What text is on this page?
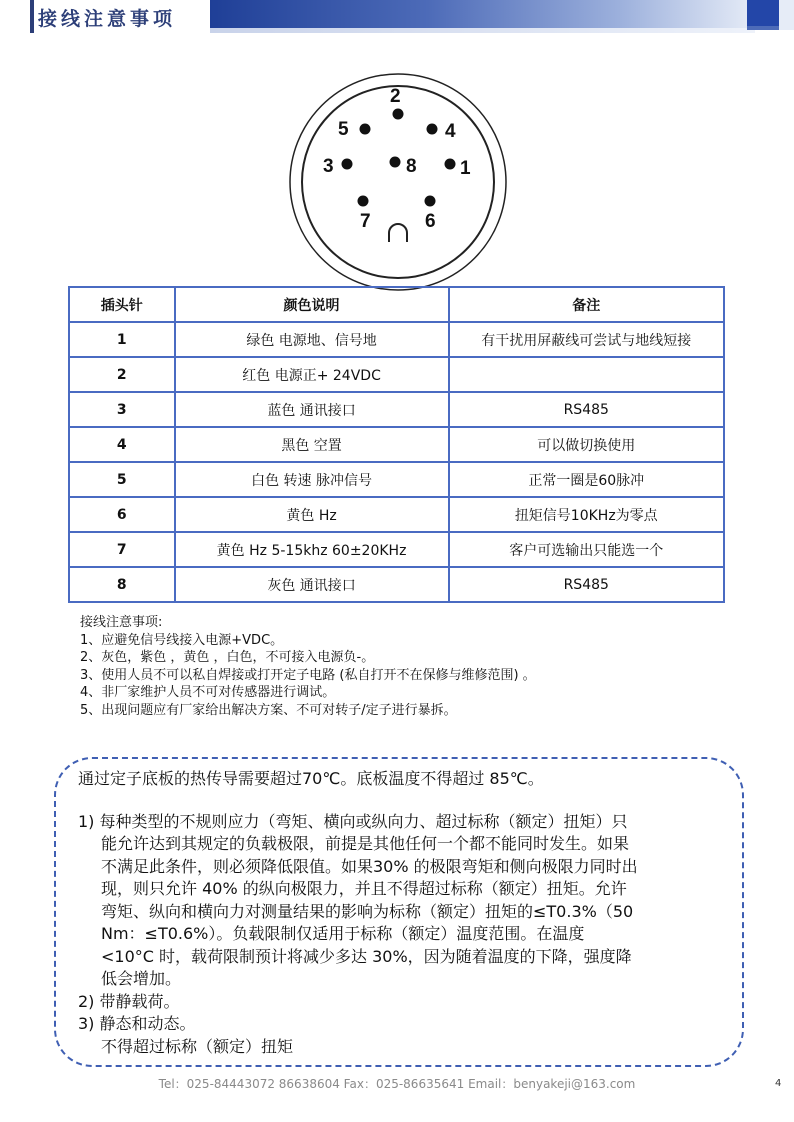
接线注意事项
2
5	4
3	8 1
7	6
插头针	颜色说明	备注
1	绿色 电源地、信号地	有干扰用屏蔽线可尝试与地线短接
2	红色 电源正+ 24VDC	
3	蓝色 通讯接口	RS485
4	黑色 空置	可以做切换使用
5	白色 转速 脉冲信号	正常一圈是60脉冲
6	黄色 Hz	扭矩信号10KHz为零点
7	黄色 Hz 5-15khz 60±20KHz	客户可选输出只能选一个
8	灰色 通讯接口	RS485
接线注意事项:
1、应避免信号线接入电源+VDC。
2、灰色，紫色 ，黄色 ，白色，不可接入电源负-。
3、使用人员不可以私自焊接或打开定子电路 (私自打开不在保修与维修范围) 。
4、非厂家维护人员不可对传感器进行调试。
5、出现问题应有厂家给出解决方案、不可对转子/定子进行暴拆。
通过定子底板的热传导需要超过70℃。底板温度不得超过 85℃。
1) 每种类型的不规则应力（弯矩、横向或纵向力、超过标称（额定）扭矩）只
能允许达到其规定的负载极限，前提是其他任何一个都不能同时发生。如果
不满足此条件，则必须降低限值。如果30% 的极限弯矩和侧向极限力同时出
现，则只允许 40% 的纵向极限力，并且不得超过标称（额定）扭矩。允许
弯矩、纵向和横向力对测量结果的影响为标称（额定）扭矩的≤T0.3%（50
Nm：≤T0.6%）。负载限制仅适用于标称（额定）温度范围。在温度
<10°C 时，载荷限制预计将减少多达 30%，因为随着温度的下降，强度降
低会增加。
2) 带静载荷。
3) 静态和动态。
不得超过标称（额定）扭矩
Tel：025-84443072 86638604 Fax：025-86635641 Email：benyakeji@163.com	4
